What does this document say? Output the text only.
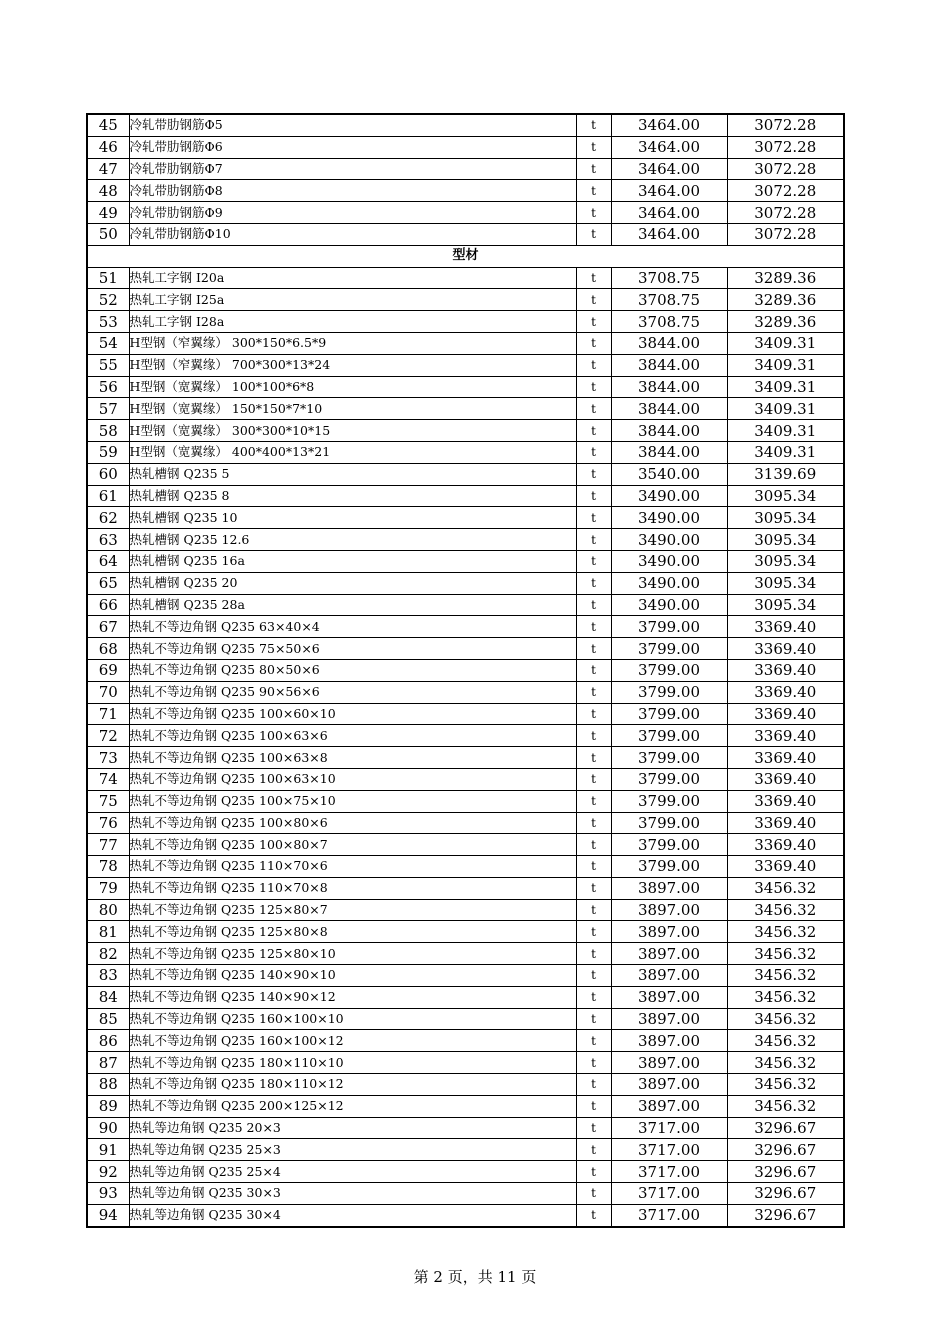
45	冷轧带肋钢筋Φ5	t	3464.00	3072.28
46	冷轧带肋钢筋Φ6	t	3464.00	3072.28
47	冷轧带肋钢筋Φ7	t	3464.00	3072.28
48	冷轧带肋钢筋Φ8	t	3464.00	3072.28
49	冷轧带肋钢筋Φ9	t	3464.00	3072.28
50	冷轧带肋钢筋Φ10	t	3464.00	3072.28
型材				
51	热轧工字钢 I20a	t	3708.75	3289.36
52	热轧工字钢 I25a	t	3708.75	3289.36
53	热轧工字钢 I28a	t	3708.75	3289.36
54	H型钢（窄翼缘） 300*150*6.5*9	t	3844.00	3409.31
55	H型钢（窄翼缘） 700*300*13*24	t	3844.00	3409.31
56	H型钢（宽翼缘） 100*100*6*8	t	3844.00	3409.31
57	H型钢（宽翼缘） 150*150*7*10	t	3844.00	3409.31
58	H型钢（宽翼缘） 300*300*10*15	t	3844.00	3409.31
59	H型钢（宽翼缘） 400*400*13*21	t	3844.00	3409.31
60	热轧槽钢 Q235 5	t	3540.00	3139.69
61	热轧槽钢 Q235 8	t	3490.00	3095.34
62	热轧槽钢 Q235 10	t	3490.00	3095.34
63	热轧槽钢 Q235 12.6	t	3490.00	3095.34
64	热轧槽钢 Q235 16a	t	3490.00	3095.34
65	热轧槽钢 Q235 20	t	3490.00	3095.34
66	热轧槽钢 Q235 28a	t	3490.00	3095.34
67	热轧不等边角钢 Q235 63×40×4	t	3799.00	3369.40
68	热轧不等边角钢 Q235 75×50×6	t	3799.00	3369.40
69	热轧不等边角钢 Q235 80×50×6	t	3799.00	3369.40
70	热轧不等边角钢 Q235 90×56×6	t	3799.00	3369.40
71	热轧不等边角钢 Q235 100×60×10	t	3799.00	3369.40
72	热轧不等边角钢 Q235 100×63×6	t	3799.00	3369.40
73	热轧不等边角钢 Q235 100×63×8	t	3799.00	3369.40
74	热轧不等边角钢 Q235 100×63×10	t	3799.00	3369.40
75	热轧不等边角钢 Q235 100×75×10	t	3799.00	3369.40
76	热轧不等边角钢 Q235 100×80×6	t	3799.00	3369.40
77	热轧不等边角钢 Q235 100×80×7	t	3799.00	3369.40
78	热轧不等边角钢 Q235 110×70×6	t	3799.00	3369.40
79	热轧不等边角钢 Q235 110×70×8	t	3897.00	3456.32
80	热轧不等边角钢 Q235 125×80×7	t	3897.00	3456.32
81	热轧不等边角钢 Q235 125×80×8	t	3897.00	3456.32
82	热轧不等边角钢 Q235 125×80×10	t	3897.00	3456.32
83	热轧不等边角钢 Q235 140×90×10	t	3897.00	3456.32
84	热轧不等边角钢 Q235 140×90×12	t	3897.00	3456.32
85	热轧不等边角钢 Q235 160×100×10	t	3897.00	3456.32
86	热轧不等边角钢 Q235 160×100×12	t	3897.00	3456.32
87	热轧不等边角钢 Q235 180×110×10	t	3897.00	3456.32
88	热轧不等边角钢 Q235 180×110×12	t	3897.00	3456.32
89	热轧不等边角钢 Q235 200×125×12	t	3897.00	3456.32
90	热轧等边角钢 Q235 20×3	t	3717.00	3296.67
91	热轧等边角钢 Q235 25×3	t	3717.00	3296.67
92	热轧等边角钢 Q235 25×4	t	3717.00	3296.67
93	热轧等边角钢 Q235 30×3	t	3717.00	3296.67
94	热轧等边角钢 Q235 30×4	t	3717.00	3296.67
第 2 页，共 11 页
